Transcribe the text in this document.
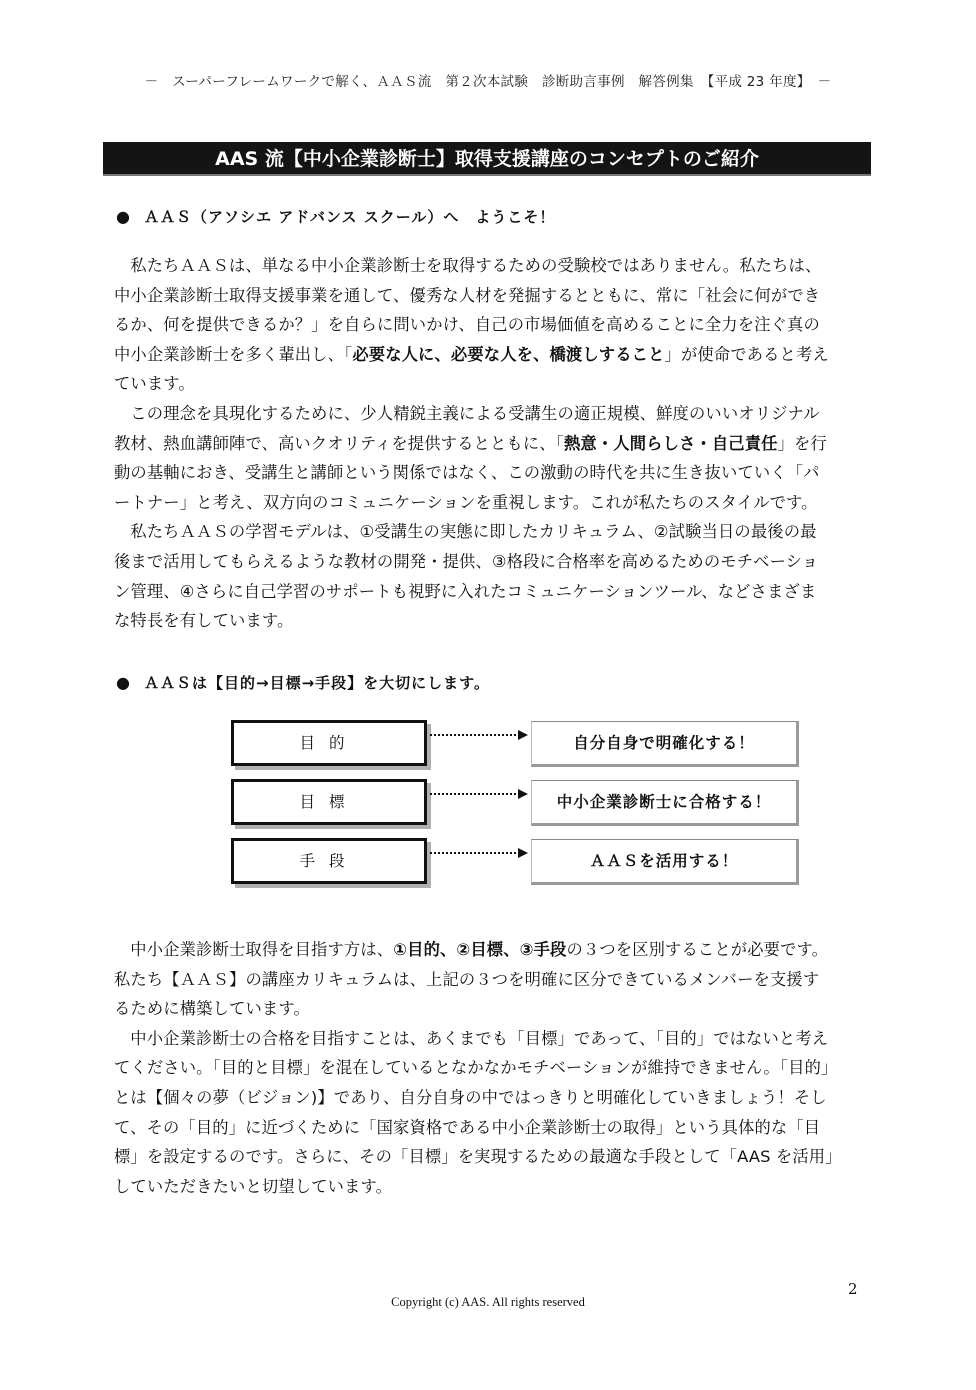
－　スーパーフレームワークで解く、ＡＡＳ流　第２次本試験　診断助言事例　解答例集　【平成 23 年度】　－
AAS 流【中小企業診断士】取得支援講座のコンセプトのご紹介
● ＡＡＳ（アソシエ アドバンス スクール）へ　ようこそ！

私たちＡＡＳは、単なる中小企業診断士を取得するための受験校ではありません。私たちは、

中小企業診断士取得支援事業を通して、優秀な人材を発掘するとともに、常に「社会に何ができ

るか、何を提供できるか？」を自らに問いかけ、自己の市場価値を高めることに全力を注ぐ真の

中小企業診断士を多く輩出し、「必要な人に、必要な人を、橋渡しすること」が使命であると考え

ています。

この理念を具現化するために、少人精鋭主義による受講生の適正規模、鮮度のいいオリジナル

教材、熱血講師陣で、高いクオリティを提供するとともに、「熱意・人間らしさ・自己責任」を行

動の基軸におき、受講生と講師という関係ではなく、この激動の時代を共に生き抜いていく「パ

ートナー」と考え、双方向のコミュニケーションを重視します。これが私たちのスタイルです。

私たちＡＡＳの学習モデルは、①受講生の実態に即したカリキュラム、②試験当日の最後の最

後まで活用してもらえるような教材の開発・提供、③格段に合格率を高めるためのモチベーショ

ン管理、④さらに自己学習のサポートも視野に入れたコミュニケーションツール、などさまざま

な特長を有しています。

● ＡＡＳは【目的→目標→手段】を大切にします。
目的	自分自身で明確化する！
目標	中小企業診断士に合格する！
手段	ＡＡＳを活用する！

中小企業診断士取得を目指す方は、①目的、②目標、③手段の３つを区別することが必要です。

私たち【ＡＡＳ】の講座カリキュラムは、上記の３つを明確に区分できているメンバーを支援す

るために構築しています。

中小企業診断士の合格を目指すことは、あくまでも「目標」であって、「目的」ではないと考え

てください。「目的と目標」を混在しているとなかなかモチベーションが維持できません。「目的」

とは【個々の夢（ビジョン)】であり、自分自身の中ではっきりと明確化していきましょう！そし

て、その「目的」に近づくために「国家資格である中小企業診断士の取得」という具体的な「目

標」を設定するのです。さらに、その「目標」を実現するための最適な手段として「AAS を活用」

していただきたいと切望しています。

2
Copyright (c) AAS. All rights reserved
